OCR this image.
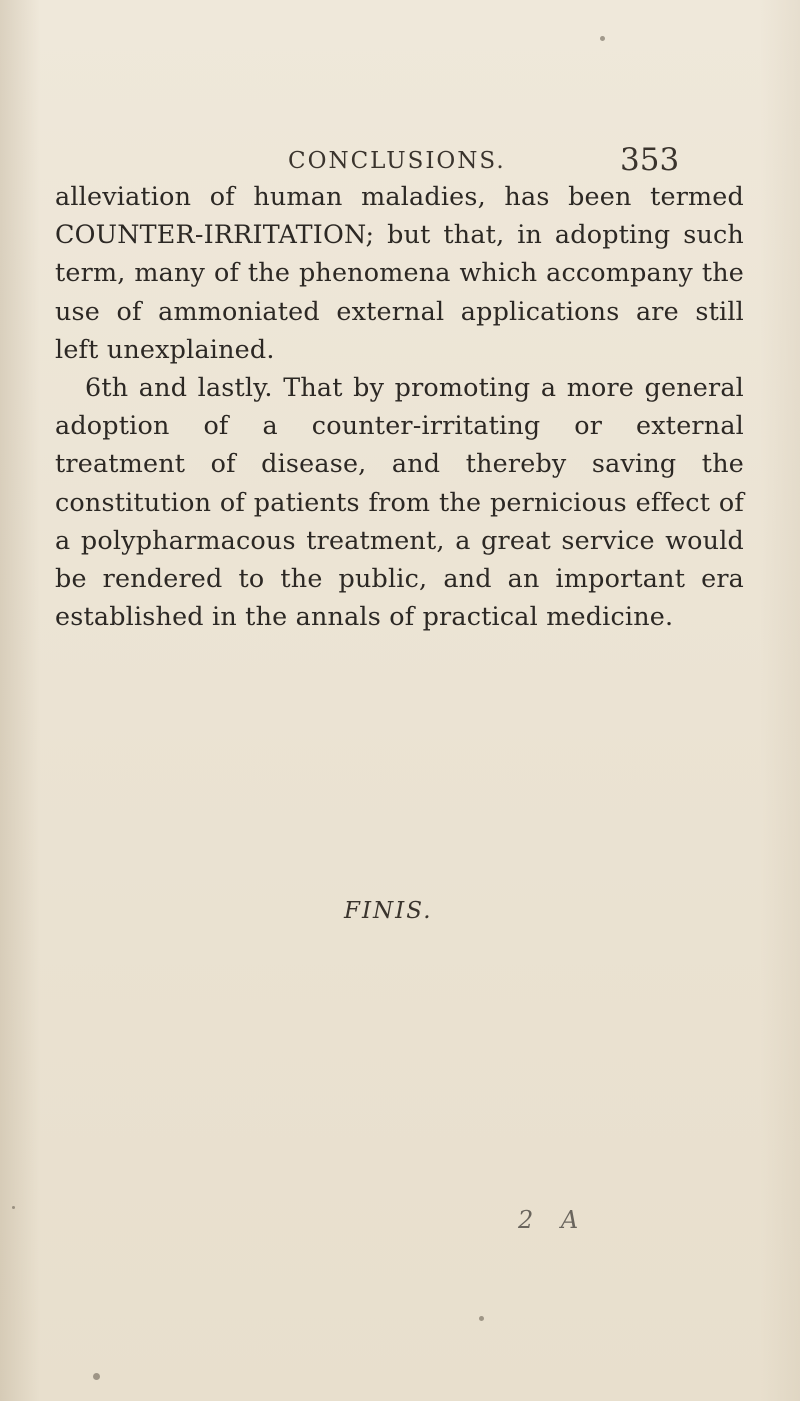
CONCLUSIONS.	353

alleviation of human maladies, has been termed COUNTER-IRRITATION; but that, in adopting such term, many of the phenomena which accompany the use of ammoniated external applications are still left unexplained.

6th and lastly. That by promoting a more general adoption of a counter-irritating or external treatment of disease, and thereby saving the constitution of patients from the pernicious effect of a polypharmacous treatment, a great service would be rendered to the public, and an important era established in the annals of practical medicine.

FINIS.
2 A
